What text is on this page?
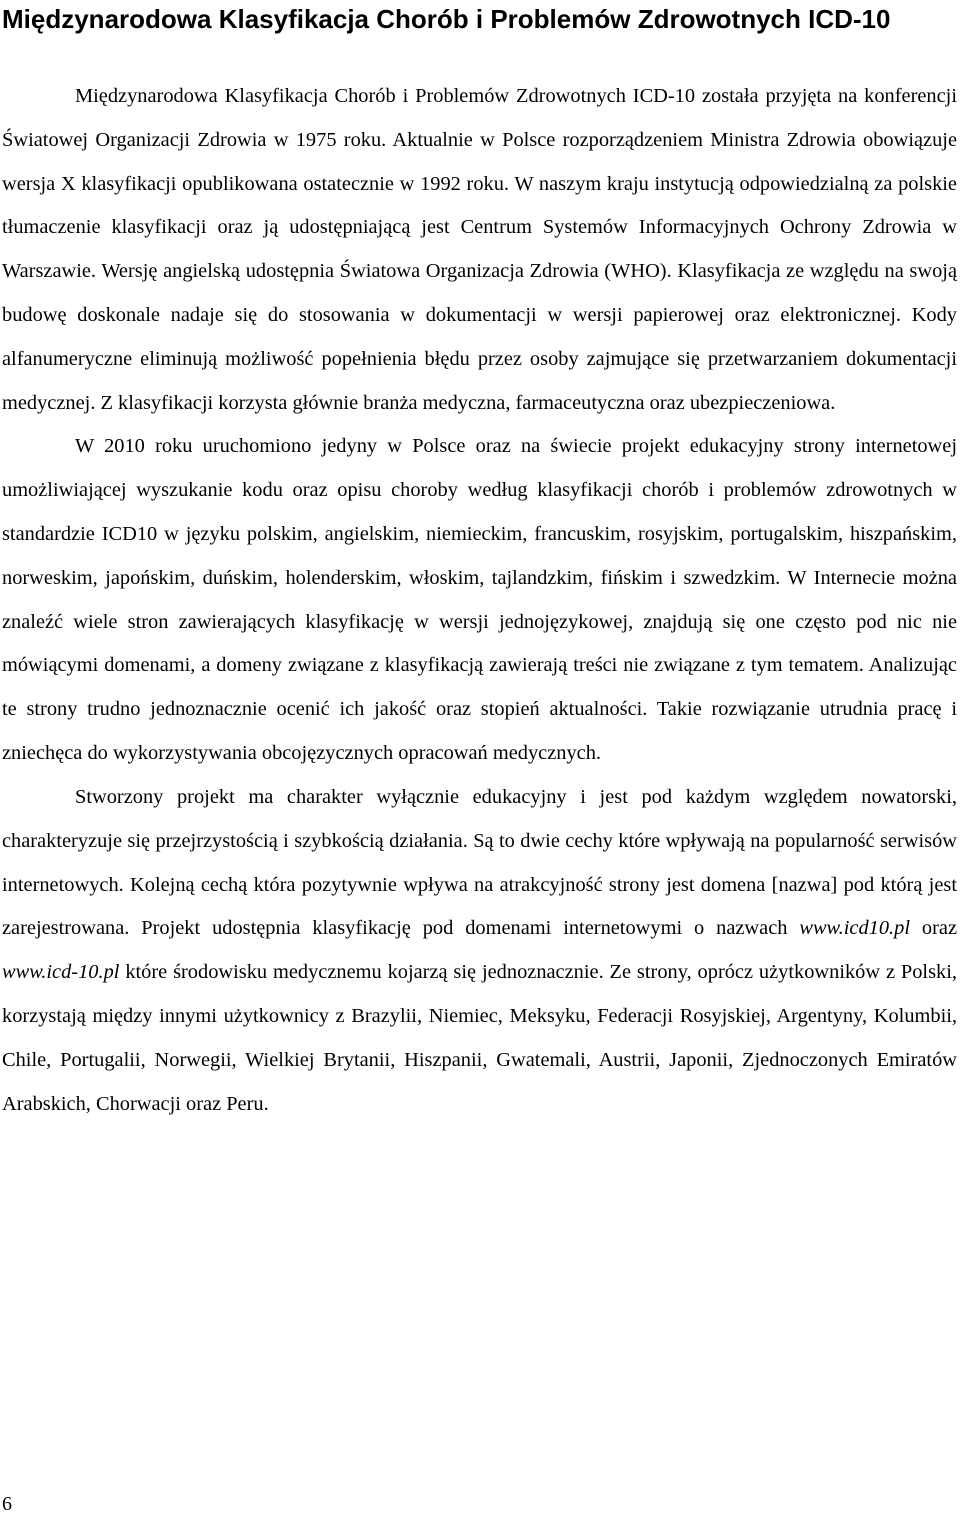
Międzynarodowa Klasyfikacja Chorób i Problemów Zdrowotnych ICD-10

Międzynarodowa Klasyfikacja Chorób i Problemów Zdrowotnych ICD-10 została przyjęta na konferencji Światowej Organizacji Zdrowia w 1975 roku. Aktualnie w Polsce rozporządzeniem Ministra Zdrowia obowiązuje wersja X klasyfikacji opublikowana ostatecznie w 1992 roku. W naszym kraju instytucją odpowiedzialną za polskie tłumaczenie klasyfikacji oraz ją udostępniającą jest Centrum Systemów Informacyjnych Ochrony Zdrowia w Warszawie. Wersję angielską udostępnia Światowa Organizacja Zdrowia (WHO). Klasyfikacja ze względu na swoją budowę doskonale nadaje się do stosowania w dokumentacji w wersji papierowej oraz elektronicznej. Kody alfanumeryczne eliminują możliwość popełnienia błędu przez osoby zajmujące się przetwarzaniem dokumentacji medycznej. Z klasyfikacji korzysta głównie branża medyczna, farmaceutyczna oraz ubezpieczeniowa.

W 2010 roku uruchomiono jedyny w Polsce oraz na świecie projekt edukacyjny strony internetowej umożliwiającej wyszukanie kodu oraz opisu choroby według klasyfikacji chorób i problemów zdrowotnych w standardzie ICD10 w języku polskim, angielskim, niemieckim, francuskim, rosyjskim, portugalskim, hiszpańskim, norweskim, japońskim, duńskim, holenderskim, włoskim, tajlandzkim, fińskim i szwedzkim. W Internecie można znaleźć wiele stron zawierających klasyfikację w wersji jednojęzykowej, znajdują się one często pod nic nie mówiącymi domenami, a domeny związane z klasyfikacją zawierają treści nie związane z tym tematem. Analizując te strony trudno jednoznacznie ocenić ich jakość oraz stopień aktualności. Takie rozwiązanie utrudnia pracę i zniechęca do wykorzystywania obcojęzycznych opracowań medycznych.

Stworzony projekt ma charakter wyłącznie edukacyjny i jest pod każdym względem nowatorski, charakteryzuje się przejrzystością i szybkością działania. Są to dwie cechy które wpływają na popularność serwisów internetowych. Kolejną cechą która pozytywnie wpływa na atrakcyjność strony jest domena [nazwa] pod którą jest zarejestrowana. Projekt udostępnia klasyfikację pod domenami internetowymi o nazwach www.icd10.pl oraz www.icd-10.pl które środowisku medycznemu kojarzą się jednoznacznie. Ze strony, oprócz użytkowników z Polski, korzystają między innymi użytkownicy z Brazylii, Niemiec, Meksyku, Federacji Rosyjskiej, Argentyny, Kolumbii, Chile, Portugalii, Norwegii, Wielkiej Brytanii, Hiszpanii, Gwatemali, Austrii, Japonii, Zjednoczonych Emiratów Arabskich, Chorwacji oraz Peru.

6
